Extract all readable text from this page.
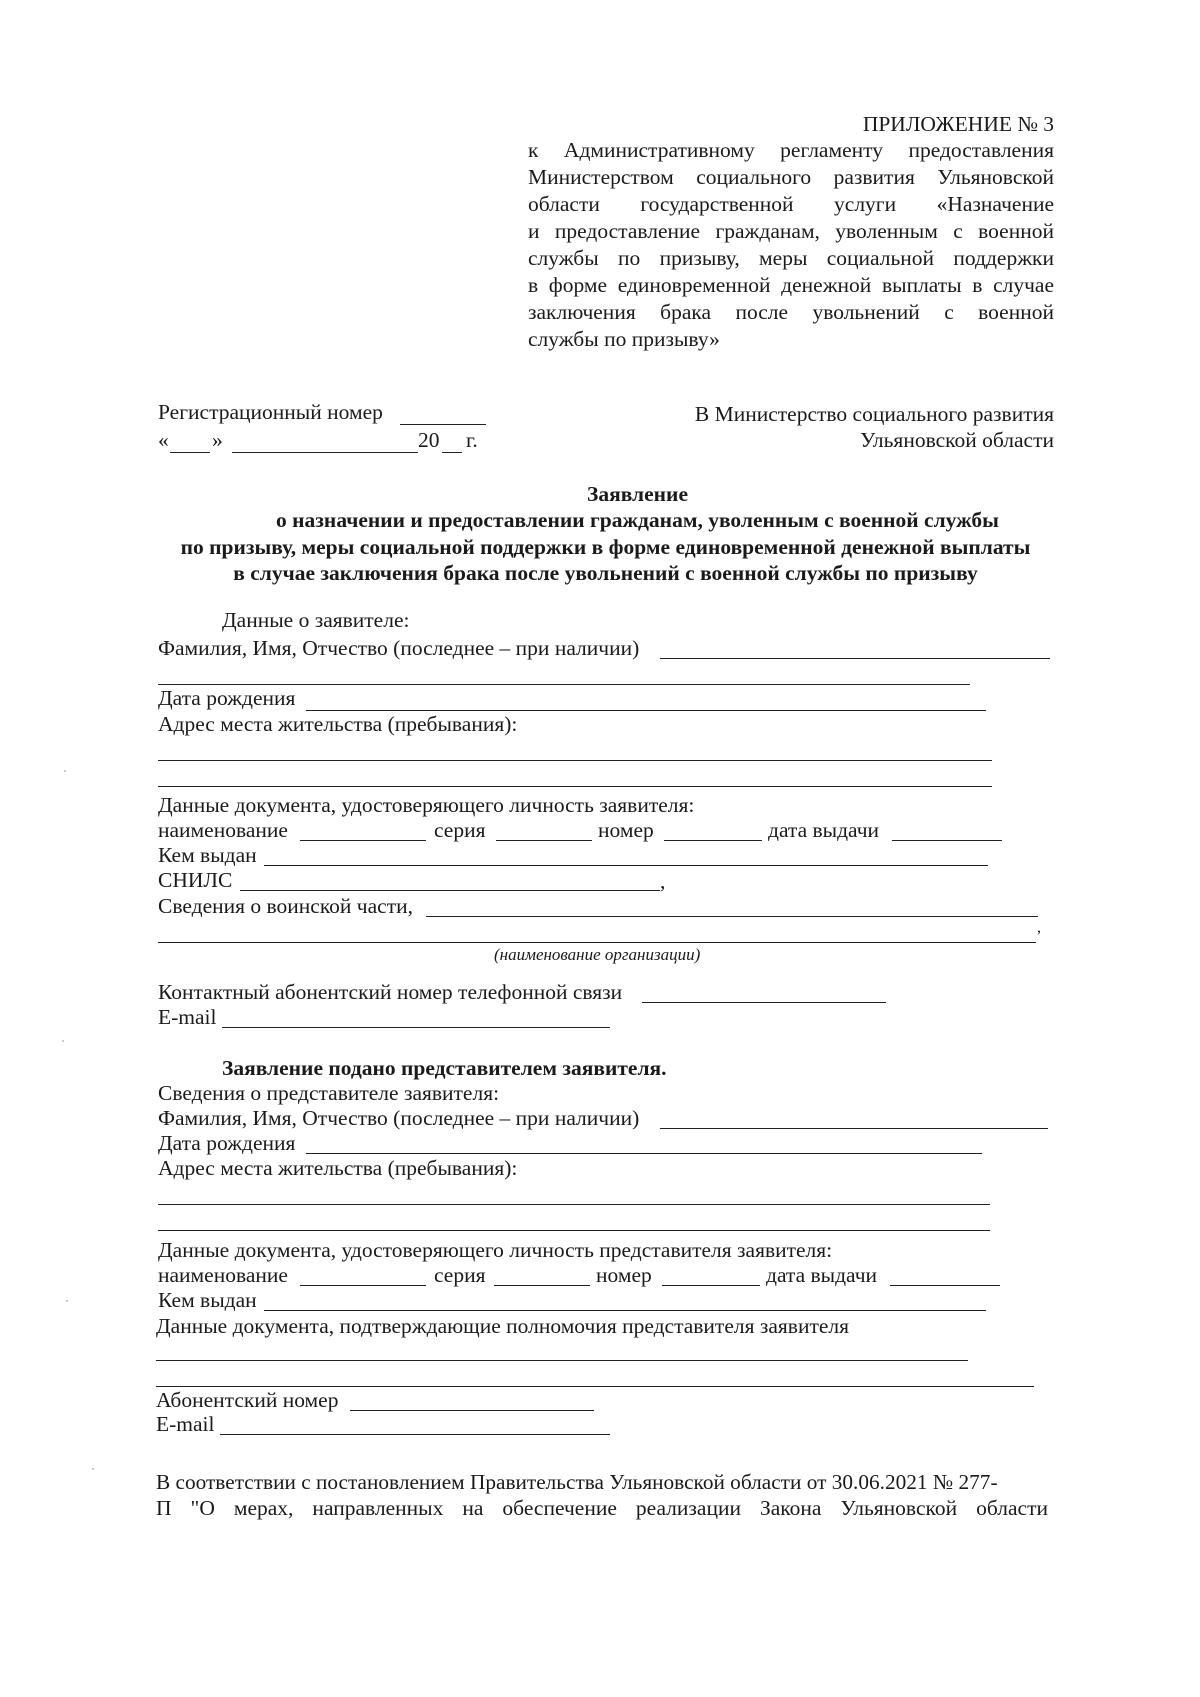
ПРИЛОЖЕНИЕ № 3
к Административному регламенту предоставления
Министерством социального развития Ульяновской
области государственной услуги «Назначение
и предоставление гражданам, уволенным с военной
службы по призыву, меры социальной поддержки
в форме единовременной денежной выплаты в случае
заключения брака после увольнений с военной
службы по призыву»
Регистрационный номер
« »	20 г.
В Министерство социального развития
Ульяновской области
Заявление
о назначении и предоставлении гражданам, уволенным с военной службы
по призыву, меры социальной поддержки в форме единовременной денежной выплаты
в случае заключения брака после увольнений с военной службы по призыву
Данные о заявителе:
Фамилия, Имя, Отчество (последнее – при наличии)
Дата рождения
Адрес места жительства (пребывания):
Данные документа, удостоверяющего личность заявителя:
наименование	серия	номер	дата выдачи
Кем выдан
СНИЛС	,
Сведения о воинской части,
,
(наименование организации)
Контактный абонентский номер телефонной связи
E-mail
Заявление подано представителем заявителя.
Сведения о представителе заявителя:
Фамилия, Имя, Отчество (последнее – при наличии)
Дата рождения
Адрес места жительства (пребывания):
Данные документа, удостоверяющего личность представителя заявителя:
наименование	серия	номер	дата выдачи
Кем выдан
Данные документа, подтверждающие полномочия представителя заявителя
Абонентский номер
E-mail
В соответствии с постановлением Правительства Ульяновской области от 30.06.2021 № 277-
П "О мерах, направленных на обеспечение реализации Закона Ульяновской области
